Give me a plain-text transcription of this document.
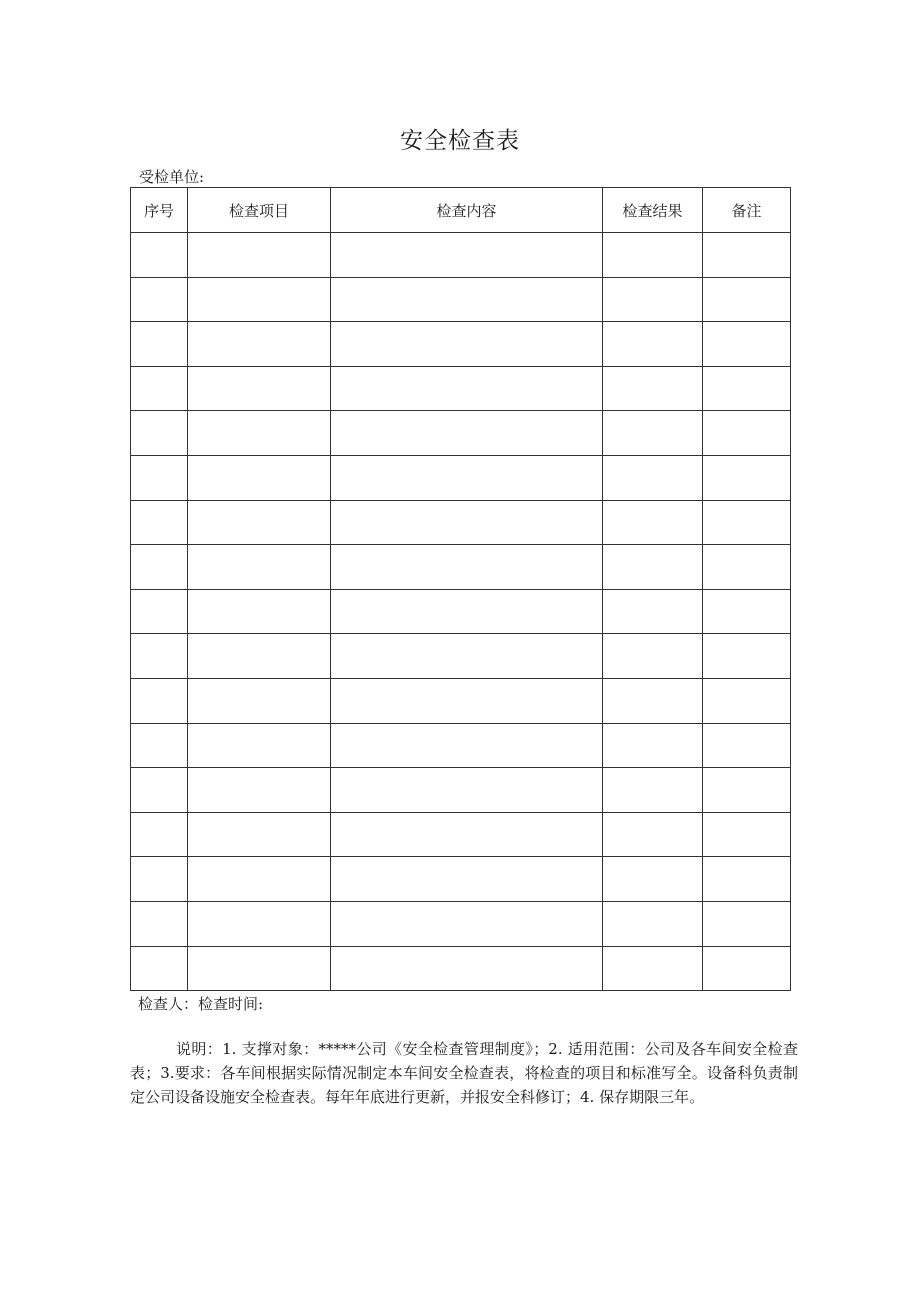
安全检查表
受检单位:
序号	检查项目	检查内容	检查结果	备注

检查人：检查时间:
说明：1. 支撑对象：*****公司《安全检查管理制度》；2. 适用范围：公司及各车间安全检查表；3.要求：各车间根据实际情况制定本车间安全检查表，将检查的项目和标准写全。设备科负责制定公司设备设施安全检查表。每年年底进行更新，并报安全科修订；4. 保存期限三年。
